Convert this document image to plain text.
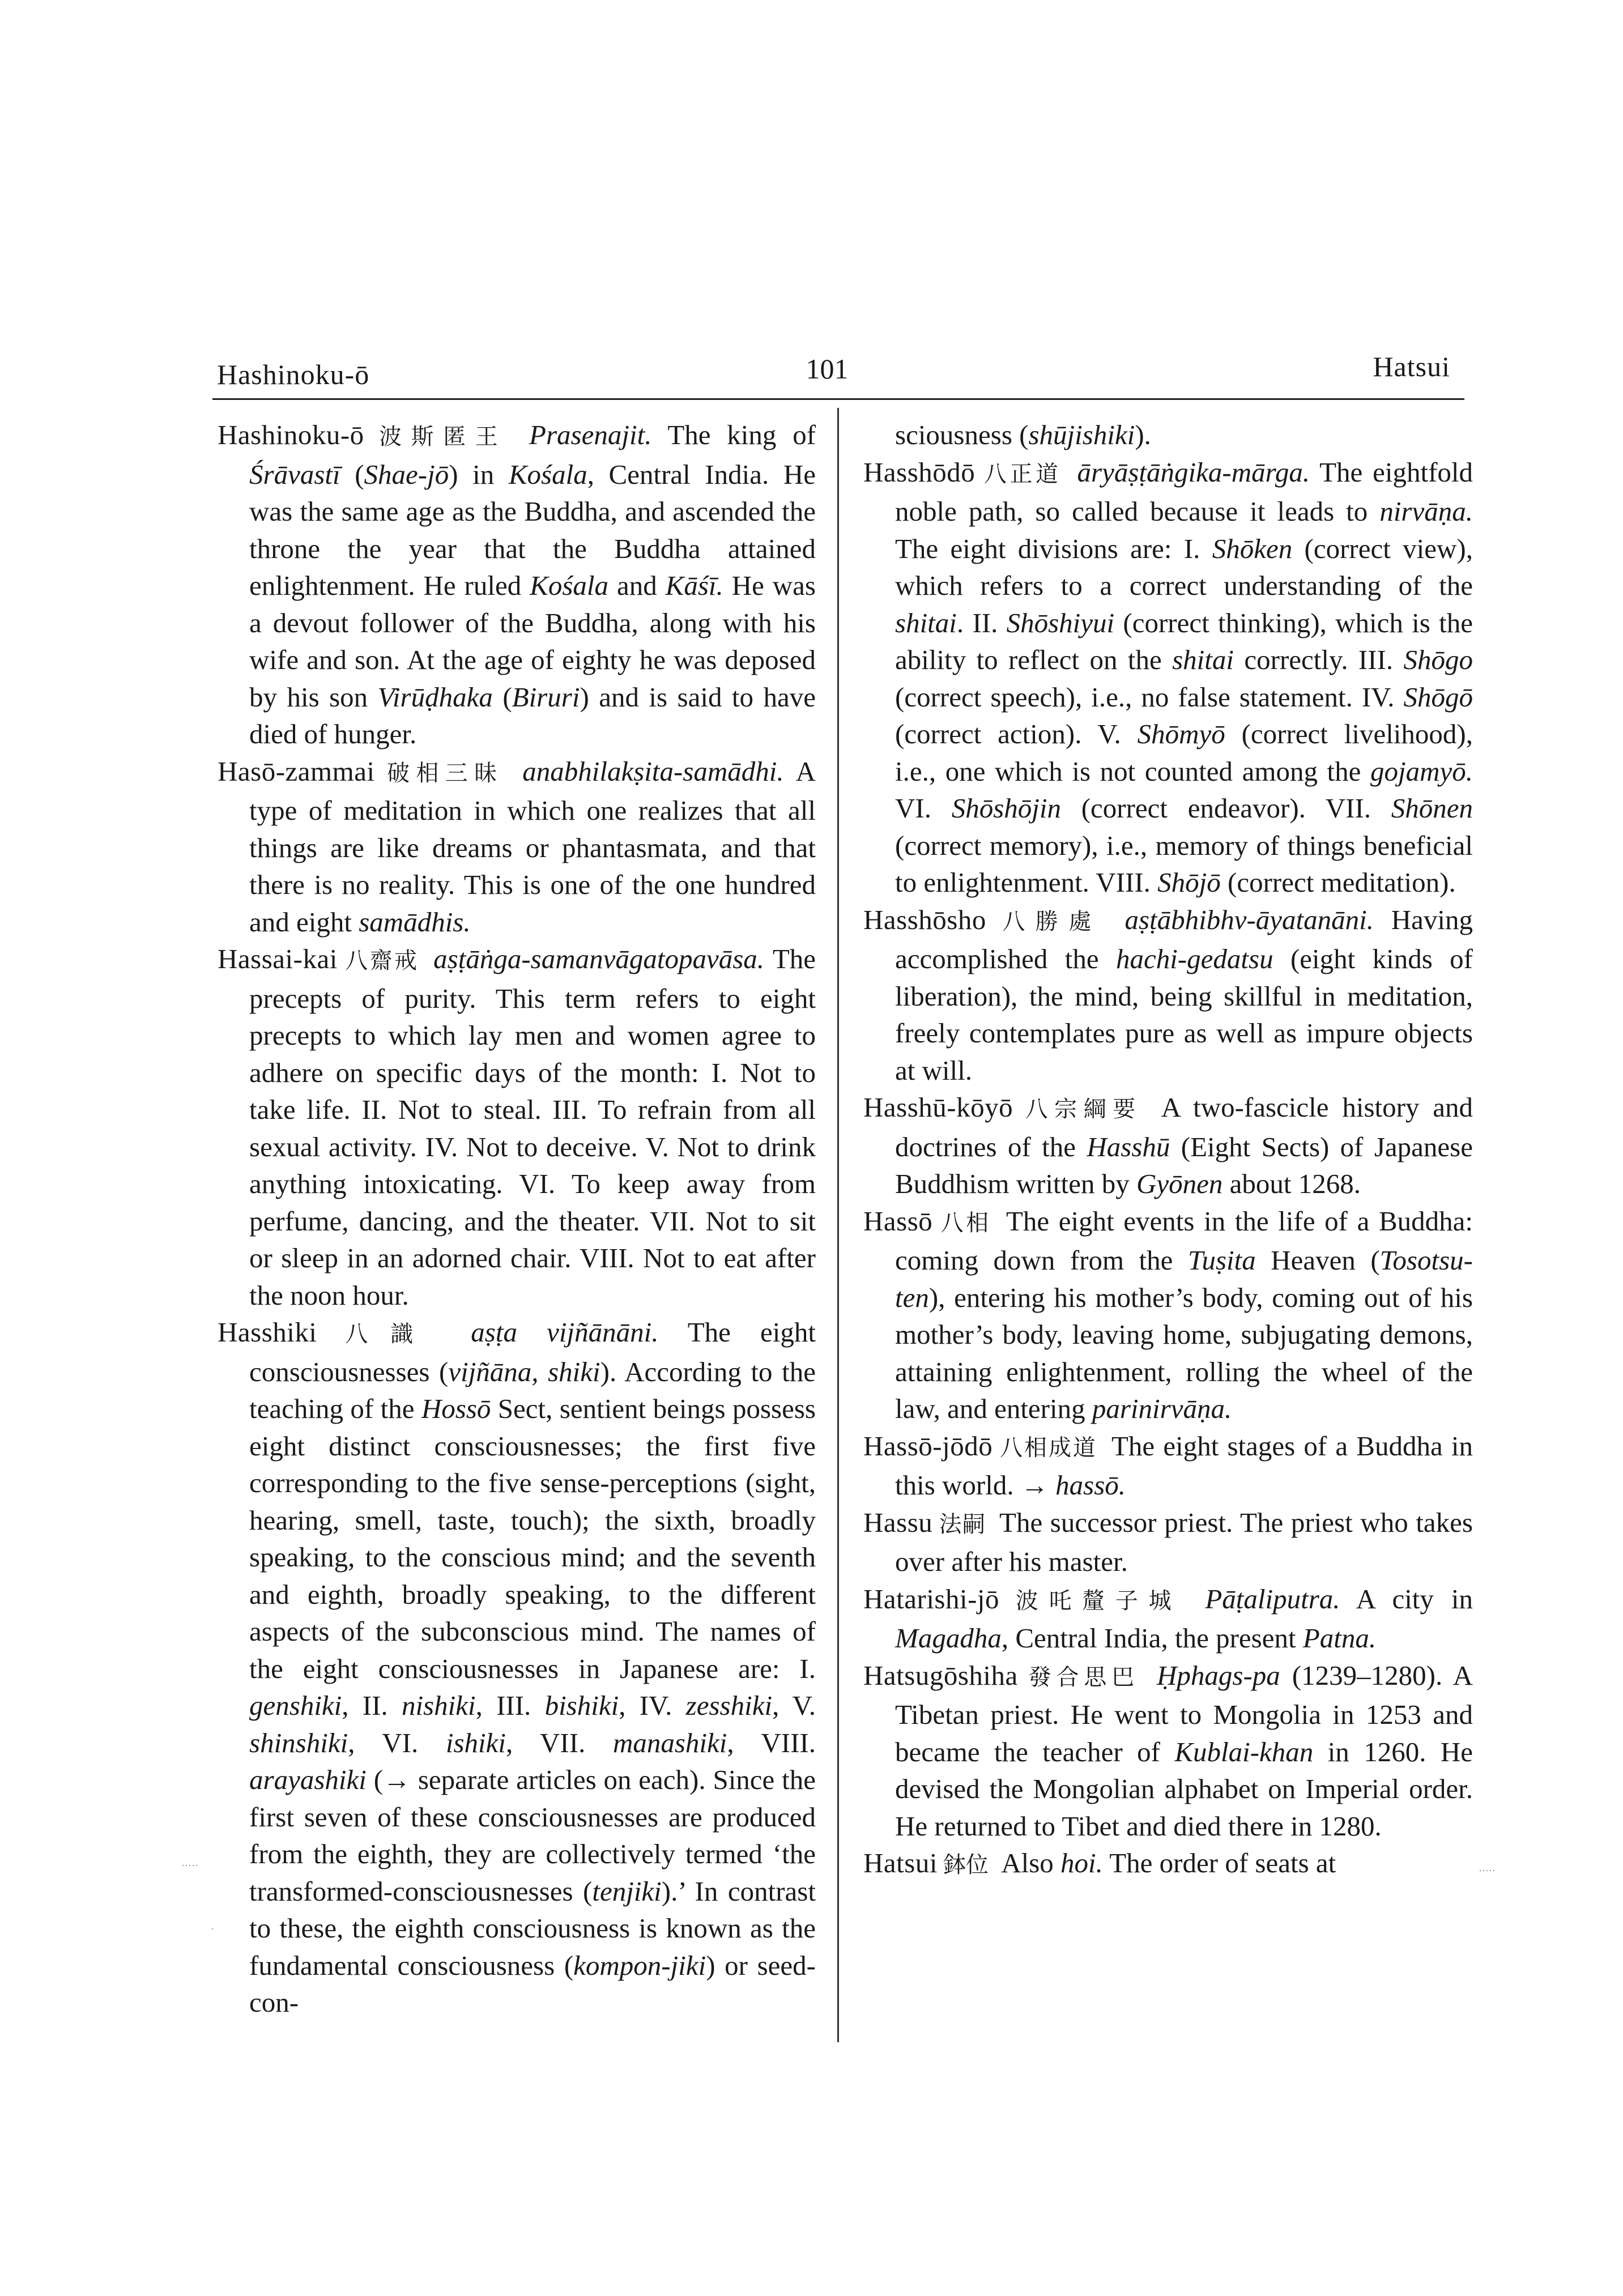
Hashinoku-ō	101	Hatsui

Hashinoku-ō 波斯匿王 Prasenajit. The king of Śrāvastī (Shae-jō) in Kośala, Central India. He was the same age as the Buddha, and ascended the throne the year that the Buddha attained enlightenment. He ruled Kośala and Kāśī. He was a devout follower of the Buddha, along with his wife and son. At the age of eighty he was deposed by his son Virūḍhaka (Biruri) and is said to have died of hunger.

Hasō-zammai 破相三昧 anabhilakṣita-samādhi. A type of meditation in which one realizes that all things are like dreams or phantasmata, and that there is no reality. This is one of the one hundred and eight samādhis.

Hassai-kai 八齋戒 aṣṭāṅga-samanvāgatopavāsa. The precepts of purity. This term refers to eight precepts to which lay men and women agree to adhere on specific days of the month: I. Not to take life. II. Not to steal. III. To refrain from all sexual activity. IV. Not to deceive. V. Not to drink anything intoxicating. VI. To keep away from perfume, dancing, and the theater. VII. Not to sit or sleep in an adorned chair. VIII. Not to eat after the noon hour.

Hasshiki 八識 aṣṭa vijñānāni. The eight consciousnesses (vijñāna, shiki). According to the teaching of the Hossō Sect, sentient beings possess eight distinct consciousnesses; the first five corresponding to the five sense-perceptions (sight, hearing, smell, taste, touch); the sixth, broadly speaking, to the conscious mind; and the seventh and eighth, broadly speaking, to the different aspects of the subconscious mind. The names of the eight consciousnesses in Japanese are: I. genshiki, II. nishiki, III. bishiki, IV. zesshiki, V. shinshiki, VI. ishiki, VII. manashiki, VIII. arayashiki (→ separate articles on each). Since the first seven of these consciousnesses are produced from the eighth, they are collectively termed ‘the transformed-consciousnesses (tenjiki).’ In contrast to these, the eighth consciousness is known as the fundamental consciousness (kompon-jiki) or seed-con-

sciousness (shūjishiki).

Hasshōdō 八正道 āryāṣṭāṅgika-mārga. The eightfold noble path, so called because it leads to nirvāṇa. The eight divisions are: I. Shōken (correct view), which refers to a correct understanding of the shitai. II. Shōshiyui (correct thinking), which is the ability to reflect on the shitai correctly. III. Shōgo (correct speech), i.e., no false statement. IV. Shōgō (correct action). V. Shōmyō (correct livelihood), i.e., one which is not counted among the gojamyō. VI. Shōshōjin (correct endeavor). VII. Shōnen (correct memory), i.e., memory of things beneficial to enlightenment. VIII. Shōjō (correct meditation).

Hasshōsho 八勝處 aṣṭābhibhv-āyatanāni. Having accomplished the hachi-gedatsu (eight kinds of liberation), the mind, being skillful in meditation, freely contemplates pure as well as impure objects at will.

Hasshū-kōyō 八宗綱要 A two-fascicle history and doctrines of the Hasshū (Eight Sects) of Japanese Buddhism written by Gyōnen about 1268.

Hassō 八相 The eight events in the life of a Buddha: coming down from the Tuṣita Heaven (Tosotsu-ten), entering his mother’s body, coming out of his mother’s body, leaving home, subjugating demons, attaining enlightenment, rolling the wheel of the law, and entering parinirvāṇa.

Hassō-jōdō 八相成道 The eight stages of a Buddha in this world. → hassō.

Hassu 法嗣 The successor priest. The priest who takes over after his master.

Hatarishi-jō 波吒釐子城 Pāṭaliputra. A city in Magadha, Central India, the present Patna.

Hatsugōshiha 發合思巴 Ḥphags-pa (1239–1280). A Tibetan priest. He went to Mongolia in 1253 and became the teacher of Kublai-khan in 1260. He devised the Mongolian alphabet on Imperial order. He returned to Tibet and died there in 1280.

Hatsui 鉢位 Also hoi. The order of seats at

·····	·····
·
